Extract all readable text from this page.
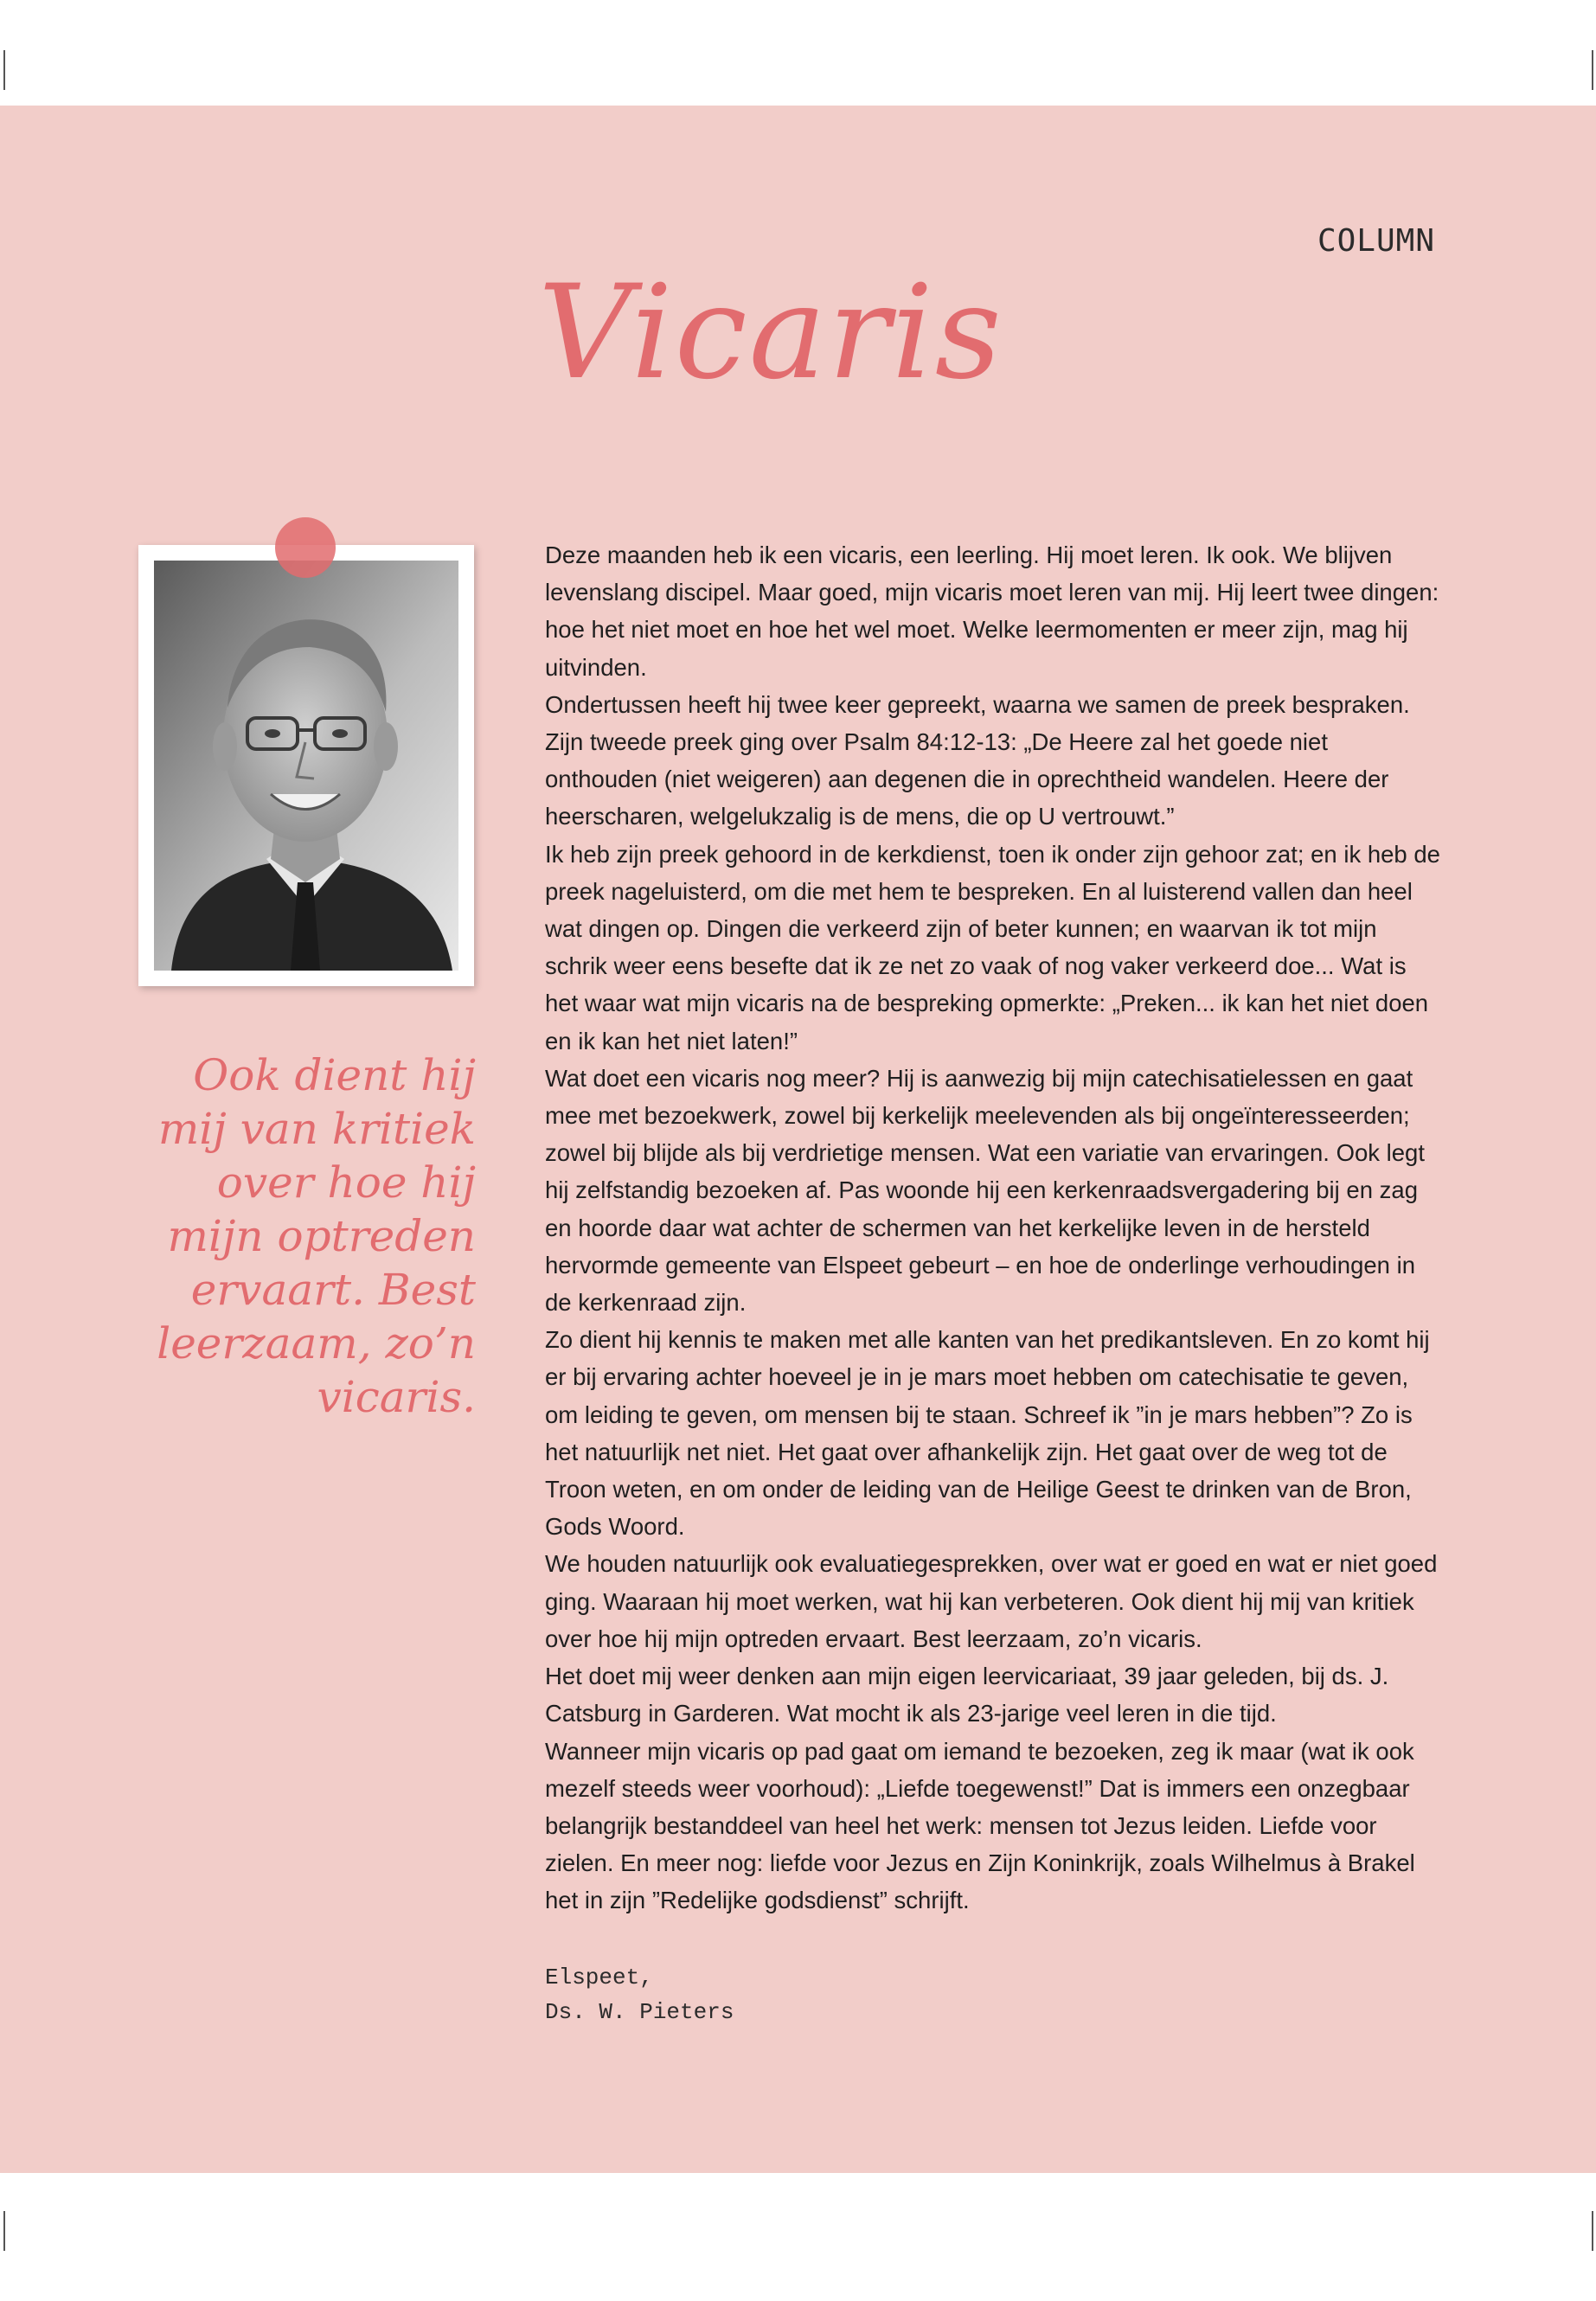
COLUMN
Vicaris
Ook dient hij mij van kritiek over hoe hij mijn optreden ervaart. Best leerzaam, zo’n vicaris.

Deze maanden heb ik een vicaris, een leerling. Hij moet leren. Ik ook. We blijven levenslang discipel. Maar goed, mijn vicaris moet leren van mij. Hij leert twee dingen: hoe het niet moet en hoe het wel moet. Welke leermomenten er meer zijn, mag hij uitvinden.

Ondertussen heeft hij twee keer gepreekt, waarna we samen de preek bespraken. Zijn tweede preek ging over Psalm 84:12-13: „De Heere zal het goede niet onthouden (niet weigeren) aan degenen die in oprechtheid wandelen. Heere der heerscharen, welgelukzalig is de mens, die op U vertrouwt.”

Ik heb zijn preek gehoord in de kerkdienst, toen ik onder zijn gehoor zat; en ik heb de preek nageluisterd, om die met hem te bespreken. En al luisterend vallen dan heel wat dingen op. Dingen die verkeerd zijn of beter kunnen; en waarvan ik tot mijn schrik weer eens besefte dat ik ze net zo vaak of nog vaker verkeerd doe... Wat is het waar wat mijn vicaris na de bespreking opmerkte: „Preken... ik kan het niet doen en ik kan het niet laten!”

Wat doet een vicaris nog meer? Hij is aanwezig bij mijn catechisatielessen en gaat mee met bezoekwerk, zowel bij kerkelijk meelevenden als bij ongeïnteresseerden; zowel bij blijde als bij verdrietige mensen. Wat een variatie van ervaringen. Ook legt hij zelfstandig bezoeken af. Pas woonde hij een kerkenraadsvergadering bij en zag en hoorde daar wat achter de schermen van het kerkelijke leven in de hersteld hervormde gemeente van Elspeet gebeurt – en hoe de onderlinge verhoudingen in de kerkenraad zijn.

Zo dient hij kennis te maken met alle kanten van het predikantsleven. En zo komt hij er bij ervaring achter hoeveel je in je mars moet hebben om catechisatie te geven, om leiding te geven, om mensen bij te staan. Schreef ik ”in je mars hebben”? Zo is het natuurlijk net niet. Het gaat over afhankelijk zijn. Het gaat over de weg tot de Troon weten, en om onder de leiding van de Heilige Geest te drinken van de Bron, Gods Woord.

We houden natuurlijk ook evaluatiegesprekken, over wat er goed en wat er niet goed ging. Waaraan hij moet werken, wat hij kan verbeteren. Ook dient hij mij van kritiek over hoe hij mijn optreden ervaart. Best leerzaam, zo’n vicaris.

Het doet mij weer denken aan mijn eigen leervicariaat, 39 jaar geleden, bij ds. J. Catsburg in Garderen. Wat mocht ik als 23-jarige veel leren in die tijd.

Wanneer mijn vicaris op pad gaat om iemand te bezoeken, zeg ik maar (wat ik ook mezelf steeds weer voorhoud): „Liefde toegewenst!” Dat is immers een onzegbaar belangrijk bestanddeel van heel het werk: mensen tot Jezus leiden. Liefde voor zielen. En meer nog: liefde voor Jezus en Zijn Koninkrijk, zoals Wilhelmus à Brakel het in zijn ”Redelijke godsdienst” schrijft.

Elspeet,
Ds. W. Pieters
